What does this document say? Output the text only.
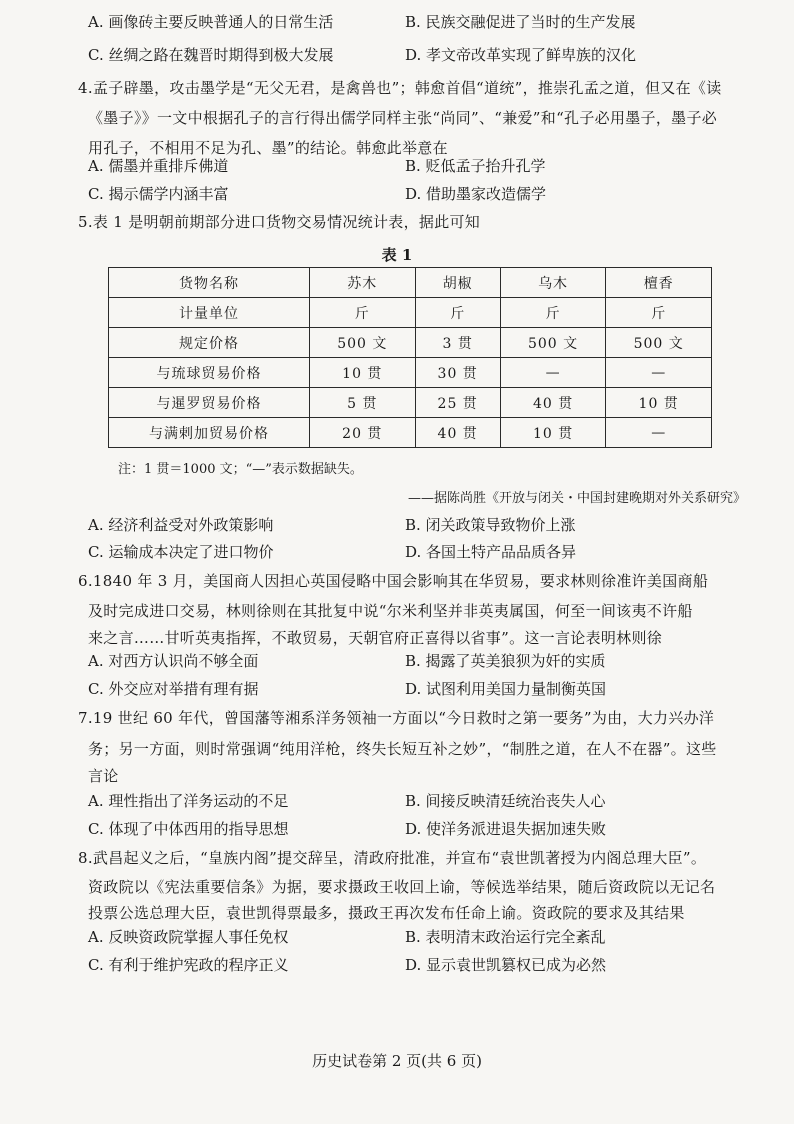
A. 画像砖主要反映普通人的日常生活	B. 民族交融促进了当时的生产发展
C. 丝绸之路在魏晋时期得到极大发展	D. 孝文帝改革实现了鲜卑族的汉化
4.孟子辟墨，攻击墨学是“无父无君，是禽兽也”；韩愈首倡“道统”，推崇孔孟之道，但又在《读
《墨子》》一文中根据孔子的言行得出儒学同样主张“尚同”、“兼爱”和“孔子必用墨子，墨子必
用孔子，不相用不足为孔、墨”的结论。韩愈此举意在
A. 儒墨并重排斥佛道	B. 贬低孟子抬升孔学
C. 揭示儒学内涵丰富	D. 借助墨家改造儒学
5.表 1 是明朝前期部分进口货物交易情况统计表，据此可知
表 1
货物名称	苏木	胡椒	乌木	檀香
计量单位	斤	斤	斤	斤
规定价格	500 文	3 贯	500 文	500 文
与琉球贸易价格	10 贯	30 贯	—	—
与暹罗贸易价格	5 贯	25 贯	40 贯	10 贯
与满剌加贸易价格	20 贯	40 贯	10 贯	—
注：1 贯＝1000 文；“—”表示数据缺失。
——据陈尚胜《开放与闭关・中国封建晚期对外关系研究》
A. 经济利益受对外政策影响	B. 闭关政策导致物价上涨
C. 运输成本决定了进口物价	D. 各国土特产品品质各异
6.1840 年 3 月，美国商人因担心英国侵略中国会影响其在华贸易，要求林则徐准许美国商船
及时完成进口交易，林则徐则在其批复中说“尔米利坚并非英夷属国，何至一间该夷不许船
来之言……甘听英夷指挥，不敢贸易，天朝官府正喜得以省事”。这一言论表明林则徐
A. 对西方认识尚不够全面	B. 揭露了英美狼狈为奸的实质
C. 外交应对举措有理有据	D. 试图利用美国力量制衡英国
7.19 世纪 60 年代，曾国藩等湘系洋务领袖一方面以“今日救时之第一要务”为由，大力兴办洋
务；另一方面，则时常强调“纯用洋枪，终失长短互补之妙”，“制胜之道，在人不在器”。这些
言论
A. 理性指出了洋务运动的不足	B. 间接反映清廷统治丧失人心
C. 体现了中体西用的指导思想	D. 使洋务派进退失据加速失败
8.武昌起义之后，“皇族内阁”提交辞呈，清政府批准，并宣布“袁世凯著授为内阁总理大臣”。
资政院以《宪法重要信条》为据，要求摄政王收回上谕，等候选举结果，随后资政院以无记名
投票公选总理大臣，袁世凯得票最多，摄政王再次发布任命上谕。资政院的要求及其结果
A. 反映资政院掌握人事任免权	B. 表明清末政治运行完全紊乱
C. 有利于维护宪政的程序正义	D. 显示袁世凯篡权已成为必然
历史试卷第 2 页(共 6 页)
